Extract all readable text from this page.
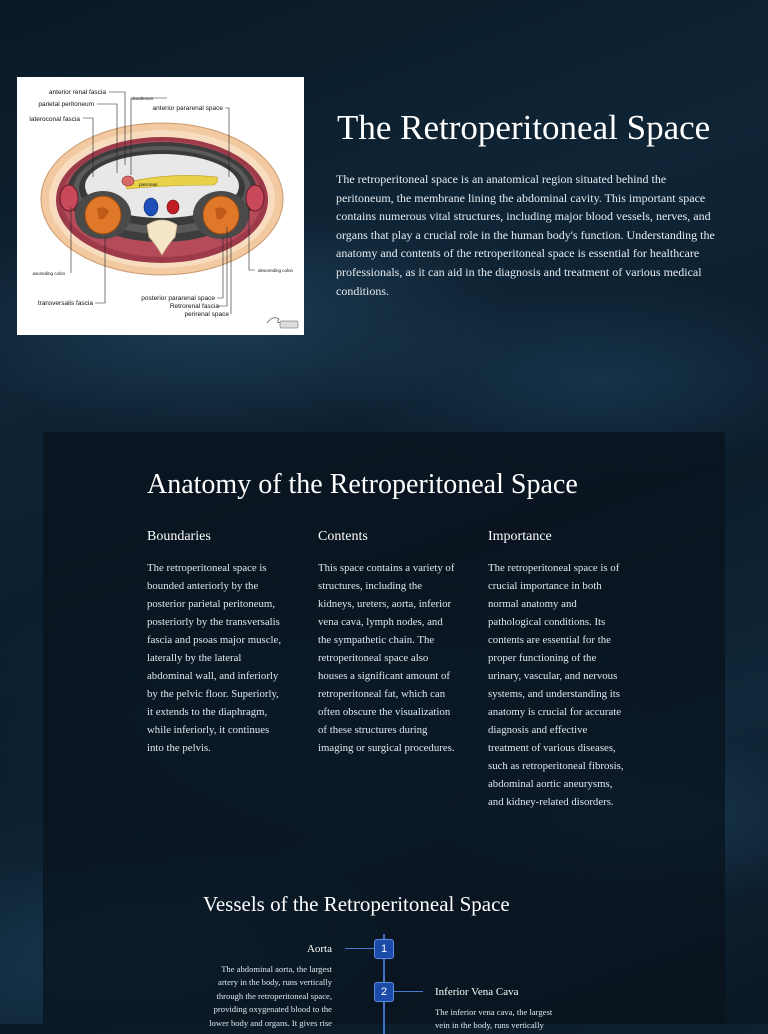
anterior renal fascia
parietal peritoneum
lateroconal fascia
duodenum
anterior pararenal space
pancreas
ascending colon
descending colon
transversalis fascia
posterior pararenal space
Retrorenal fascia
perirenal space
The Retroperitoneal Space

The retroperitoneal space is an anatomical region situated behind the peritoneum, the membrane lining the abdominal cavity. This important space contains numerous vital structures, including major blood vessels, nerves, and organs that play a crucial role in the human body's function. Understanding the anatomy and contents of the retroperitoneal space is essential for healthcare professionals, as it can aid in the diagnosis and treatment of various medical conditions.

Anatomy of the Retroperitoneal Space
Boundaries

The retroperitoneal space is bounded anteriorly by the posterior parietal peritoneum, posteriorly by the transversalis fascia and psoas major muscle, laterally by the lateral abdominal wall, and inferiorly by the pelvic floor. Superiorly, it extends to the diaphragm, while inferiorly, it continues into the pelvis.

Contents

This space contains a variety of structures, including the kidneys, ureters, aorta, inferior vena cava, lymph nodes, and the sympathetic chain. The retroperitoneal space also houses a significant amount of retroperitoneal fat, which can often obscure the visualization of these structures during imaging or surgical procedures.

Importance

The retroperitoneal space is of crucial importance in both normal anatomy and pathological conditions. Its contents are essential for the proper functioning of the urinary, vascular, and nervous systems, and understanding its anatomy is crucial for accurate diagnosis and effective treatment of various diseases, such as retroperitoneal fibrosis, abdominal aortic aneurysms, and kidney-related disorders.

Vessels of the Retroperitoneal Space
1
Aorta
The abdominal aorta, the largest artery in the body, runs vertically through the retroperitoneal space, providing oxygenated blood to the lower body and organs. It gives rise
2	Inferior Vena Cava
The inferior vena cava, the largest vein in the body, runs vertically
